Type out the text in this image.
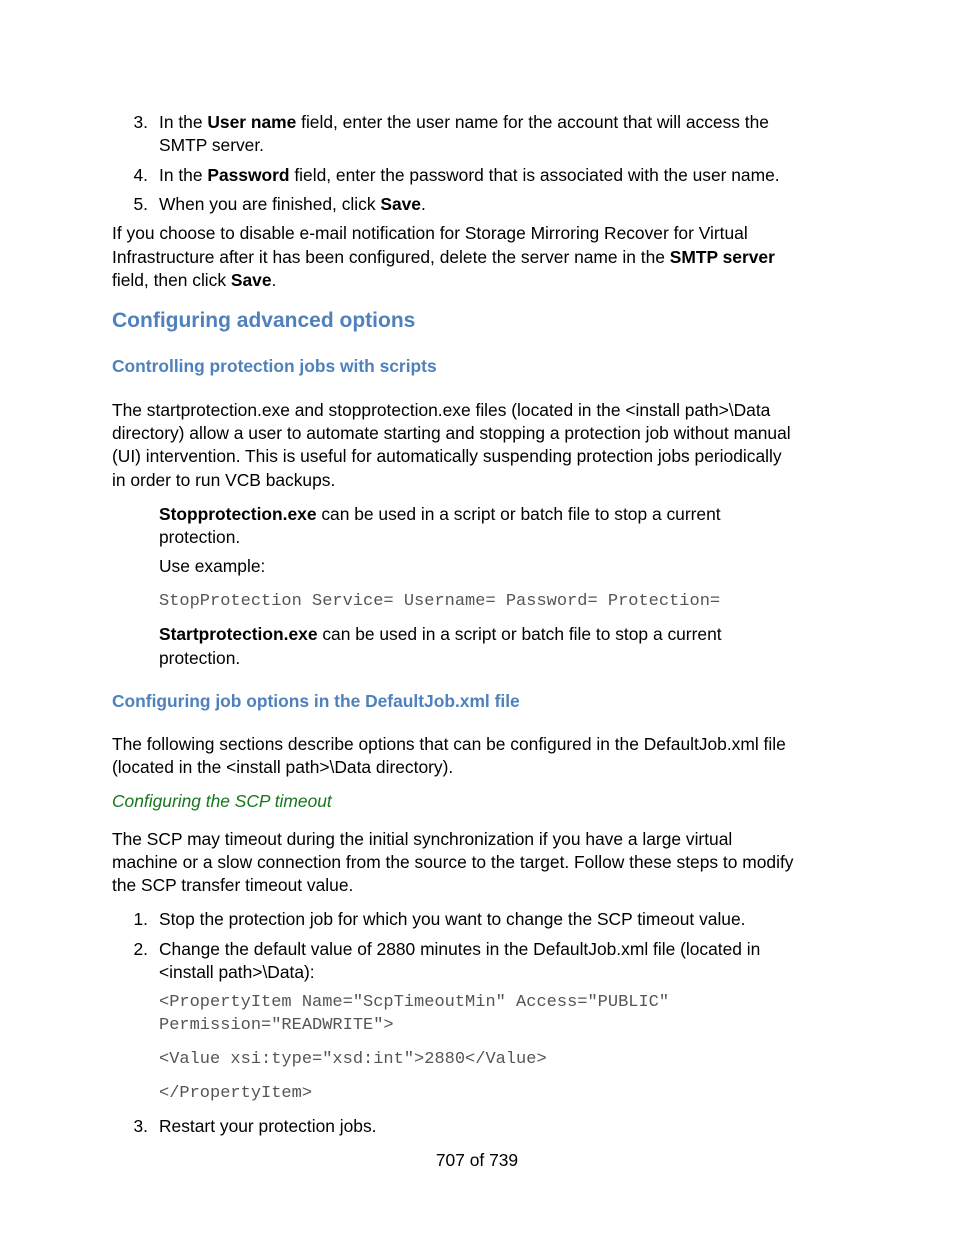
3. In the User name field, enter the user name for the account that will access the
SMTP server.
4. In the Password field, enter the password that is associated with the user name.
5. When you are finished, click Save.
If you choose to disable e-mail notification for Storage Mirroring Recover for Virtual
Infrastructure after it has been configured, delete the server name in the SMTP server
field, then click Save.
Configuring advanced options
Controlling protection jobs with scripts
The startprotection.exe and stopprotection.exe files (located in the <install path>\Data
directory) allow a user to automate starting and stopping a protection job without manual
(UI) intervention. This is useful for automatically suspending protection jobs periodically
in order to run VCB backups.
Stopprotection.exe can be used in a script or batch file to stop a current
protection.
Use example:
StopProtection Service= Username= Password= Protection=
Startprotection.exe can be used in a script or batch file to stop a current
protection.
Configuring job options in the DefaultJob.xml file
The following sections describe options that can be configured in the DefaultJob.xml file
(located in the <install path>\Data directory).
Configuring the SCP timeout
The SCP may timeout during the initial synchronization if you have a large virtual
machine or a slow connection from the source to the target. Follow these steps to modify
the SCP transfer timeout value.
1. Stop the protection job for which you want to change the SCP timeout value.
2. Change the default value of 2880 minutes in the DefaultJob.xml file (located in
<install path>\Data):
<PropertyItem Name="ScpTimeoutMin" Access="PUBLIC"
Permission="READWRITE">
<Value xsi:type="xsd:int">2880</Value>
</PropertyItem>
3. Restart your protection jobs.
707 of 739
